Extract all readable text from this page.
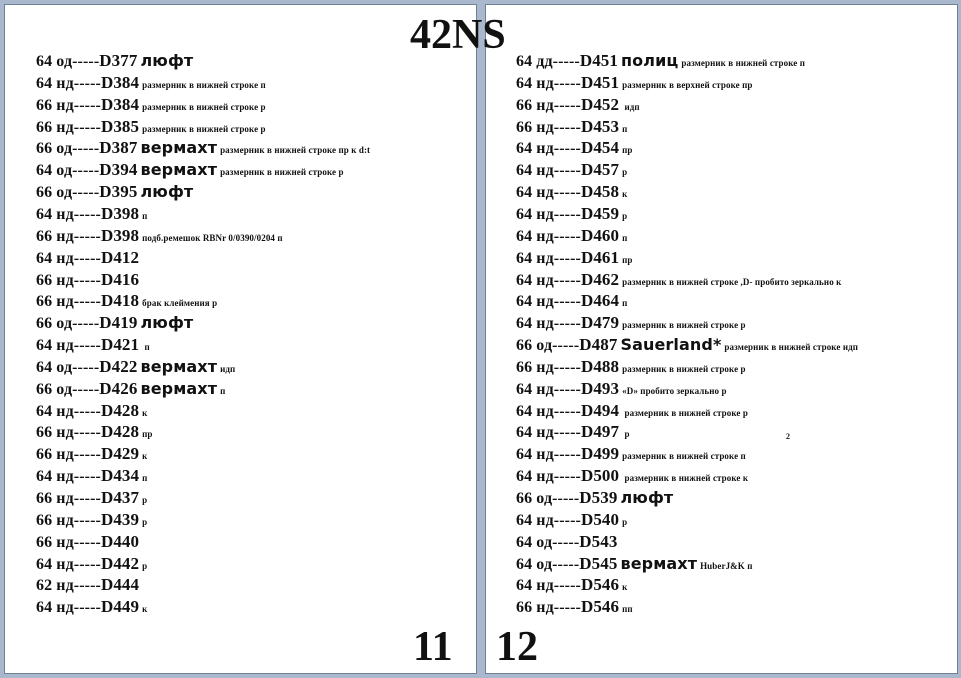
64 од-----D377 люфт
64 нд-----D384 размерник в нижней строке п
66 нд-----D384 размерник в нижней строке р
66 нд-----D385 размерник в нижней строке р
66 од-----D387 вермахт размерник в нижней строке пр к d:t
64 од-----D394 вермахт размерник в нижней строке р
66 од-----D395 люфт
64 нд-----D398 п
66 нд-----D398 подб.ремешок RBNr 0/0390/0204 п
64 нд-----D412
66 нд-----D416
66 нд-----D418 брак клеймения р
66 од-----D419 люфт
64 нд-----D421 п
64 од-----D422 вермахт идп
66 од-----D426 вермахт п
64 нд-----D428 к
66 нд-----D428 пр
66 нд-----D429 к
64 нд-----D434 п
66 нд-----D437 р
66 нд-----D439 р
66 нд-----D440
64 нд-----D442 р
62 нд-----D444
64 нд-----D449 к
11
64 дд-----D451 полиц размерник в нижней строке п
64 нд-----D451 размерник в верхней строке пр
66 нд-----D452 идп
66 нд-----D453 п
64 нд-----D454 пр
64 нд-----D457 р
64 нд-----D458 к
64 нд-----D459 р
64 нд-----D460 п
64 нд-----D461 пр
64 нд-----D462 размерник в нижней строке ,D- пробито зеркально к
64 нд-----D464 п
64 нд-----D479 размерник в нижней строке р
66 од-----D487 Sauerland* размерник в нижней строке идп
66 нд-----D488 размерник в нижней строке р
64 нд-----D493 «D» пробито зеркально р
64 нд-----D494 размерник в нижней строке р
64 нд-----D497 р
64 нд-----D499 размерник в нижней строке п
64 нд-----D500 размерник в нижней строке к
66 од-----D539 люфт
64 нд-----D540 р
64 од-----D543
64 од-----D545 вермахт HuberJ&K п
64 нд-----D546 к
66 нд-----D546 пп
2
12
42NS
